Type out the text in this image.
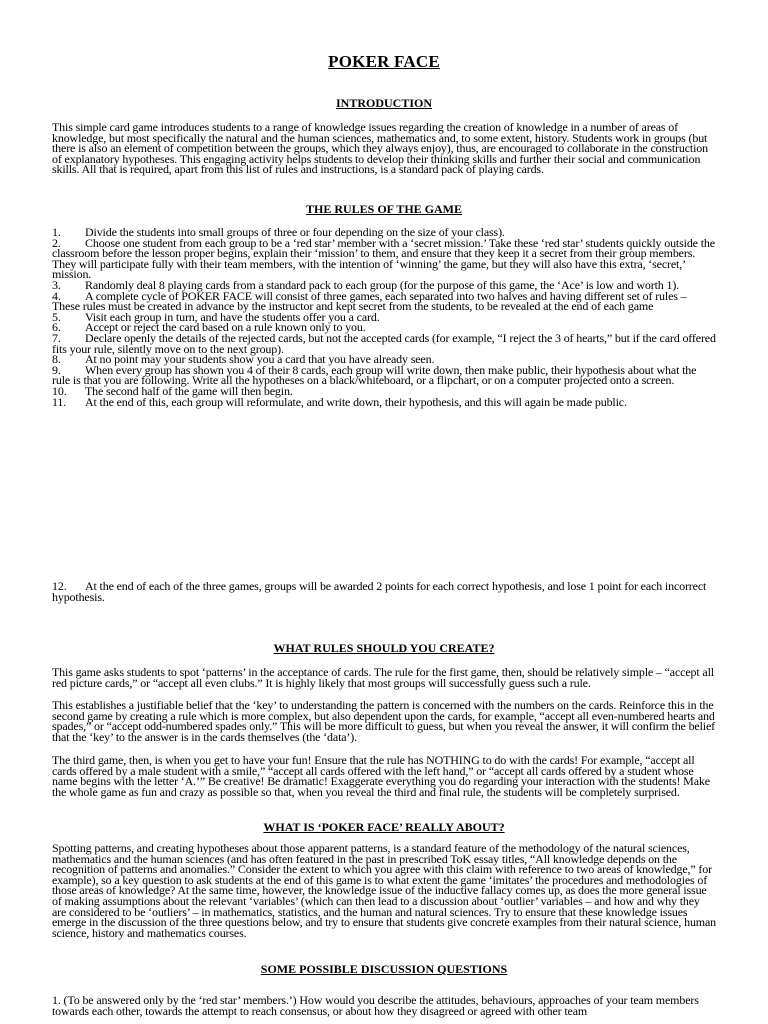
POKER FACE
INTRODUCTION
This simple card game introduces students to a range of knowledge issues regarding the creation of knowledge in a number of areas of knowledge, but most specifically the natural and the human sciences, mathematics and, to some extent, history. Students work in groups (but there is also an element of competition between the groups, which they always enjoy), thus, are encouraged to collaborate in the construction of explanatory hypotheses. This engaging activity helps students to develop their thinking skills and further their social and communication skills. All that is required, apart from this list of rules and instructions, is a standard pack of playing cards.
THE RULES OF THE GAME
1. Divide the students into small groups of three or four depending on the size of your class).
2. Choose one student from each group to be a ‘red star’ member with a ‘secret mission.’ Take these ‘red star’ students quickly outside the classroom before the lesson proper begins, explain their ‘mission’ to them, and ensure that they keep it a secret from their group members. They will participate fully with their team members, with the intention of ‘winning’ the game, but they will also have this extra, ‘secret,’ mission.
3. Randomly deal 8 playing cards from a standard pack to each group (for the purpose of this game, the ‘Ace’ is low and worth 1).
4. A complete cycle of POKER FACE will consist of three games, each separated into two halves and having different set of rules – These rules must be created in advance by the instructor and kept secret from the students, to be revealed at the end of each game
5. Visit each group in turn, and have the students offer you a card.
6. Accept or reject the card based on a rule known only to you.
7. Declare openly the details of the rejected cards, but not the accepted cards (for example, “I reject the 3 of hearts,” but if the card offered fits your rule, silently move on to the next group).
8. At no point may your students show you a card that you have already seen.
9. When every group has shown you 4 of their 8 cards, each group will write down, then make public, their hypothesis about what the rule is that you are following. Write all the hypotheses on a black/whiteboard, or a flipchart, or on a computer projected onto a screen.
10. The second half of the game will then begin.
11. At the end of this, each group will reformulate, and write down, their hypothesis, and this will again be made public.
12. At the end of each of the three games, groups will be awarded 2 points for each correct hypothesis, and lose 1 point for each incorrect hypothesis.
WHAT RULES SHOULD YOU CREATE?
This game asks students to spot ‘patterns’ in the acceptance of cards. The rule for the first game, then, should be relatively simple – “accept all red picture cards,” or “accept all even clubs.” It is highly likely that most groups will successfully guess such a rule.
This establishes a justifiable belief that the ‘key’ to understanding the pattern is concerned with the numbers on the cards. Reinforce this in the second game by creating a rule which is more complex, but also dependent upon the cards, for example, “accept all even-numbered hearts and spades,” or “accept odd-numbered spades only.” This will be more difficult to guess, but when you reveal the answer, it will confirm the belief that the ‘key’ to the answer is in the cards themselves (the ‘data’).
The third game, then, is when you get to have your fun! Ensure that the rule has NOTHING to do with the cards! For example, “accept all cards offered by a male student with a smile,” “accept all cards offered with the left hand,” or “accept all cards offered by a student whose name begins with the letter ‘A.’” Be creative! Be dramatic! Exaggerate everything you do regarding your interaction with the students! Make the whole game as fun and crazy as possible so that, when you reveal the third and final rule, the students will be completely surprised.
WHAT IS ‘POKER FACE’ REALLY ABOUT?
Spotting patterns, and creating hypotheses about those apparent patterns, is a standard feature of the methodology of the natural sciences, mathematics and the human sciences (and has often featured in the past in prescribed ToK essay titles, “All knowledge depends on the recognition of patterns and anomalies.” Consider the extent to which you agree with this claim with reference to two areas of knowledge,” for example), so a key question to ask students at the end of this game is to what extent the game ‘imitates’ the procedures and methodologies of those areas of knowledge? At the same time, however, the knowledge issue of the inductive fallacy comes up, as does the more general issue of making assumptions about the relevant ‘variables’ (which can then lead to a discussion about ‘outlier’ variables – and how and why they are considered to be ‘outliers’ – in mathematics, statistics, and the human and natural sciences. Try to ensure that these knowledge issues emerge in the discussion of the three questions below, and try to ensure that students give concrete examples from their natural science, human science, history and mathematics courses.
SOME POSSIBLE DISCUSSION QUESTIONS
1. (To be answered only by the ‘red star’ members.’) How would you describe the attitudes, behaviours, approaches of your team members towards each other, towards the attempt to reach consensus, or about how they disagreed or agreed with other team
